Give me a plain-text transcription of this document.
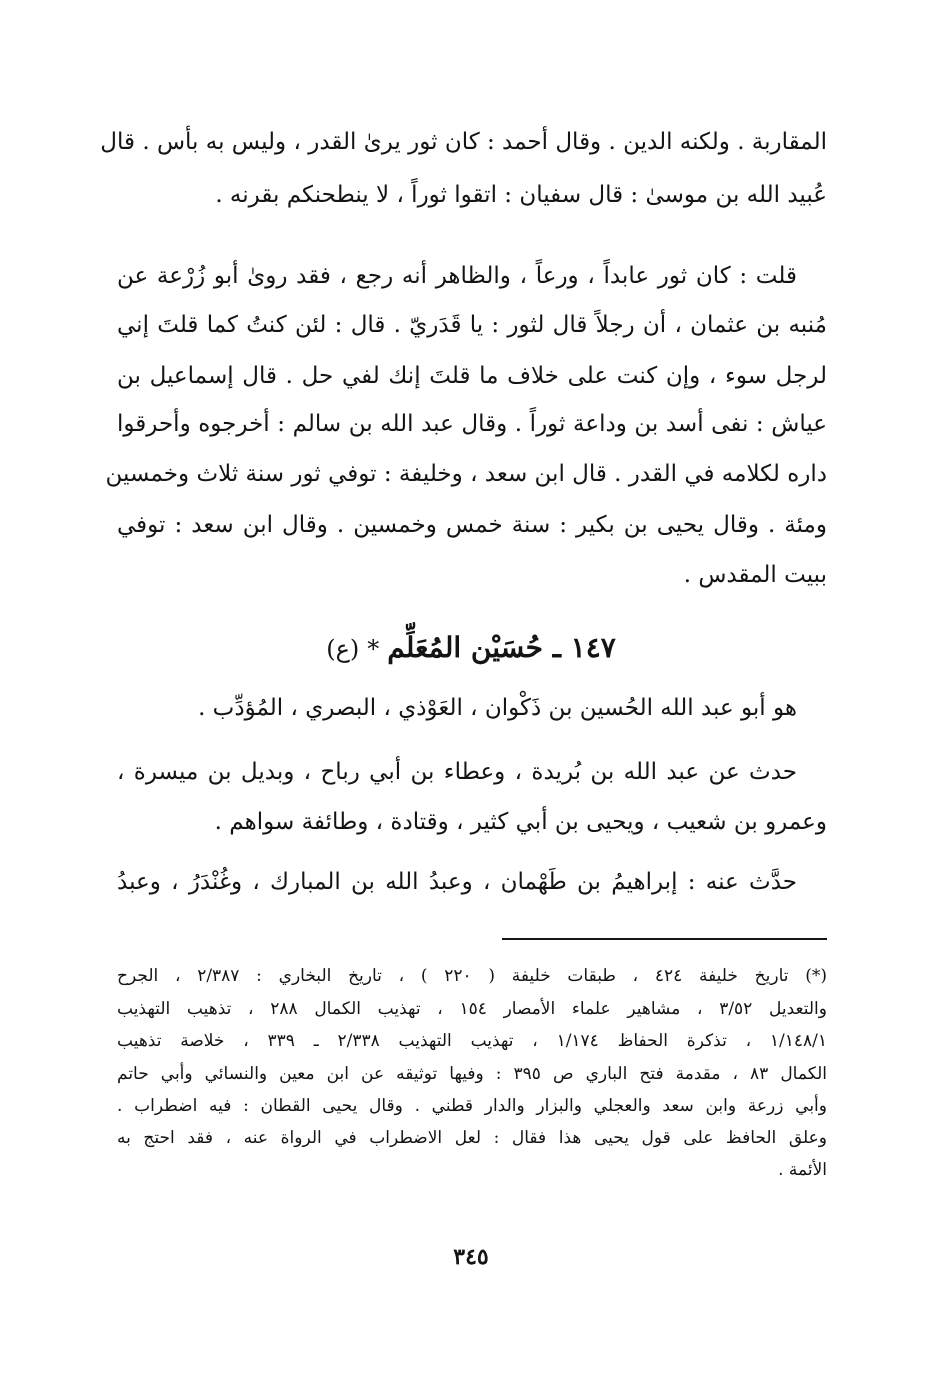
المقاربة . ولكنه الدين . وقال أحمد : كان ثور يرىٰ القدر ، وليس به بأس . قال
عُبيد الله بن موسىٰ : قال سفيان : اتقوا ثوراً ، لا ينطحنكم بقرنه .
قلت : كان ثور عابداً ، ورعاً ، والظاهر أنه رجع ، فقد روىٰ أبو زُرْعة عن
مُنبه بن عثمان ، أن رجلاً قال لثور : يا قَدَريّ . قال : لئن كنتُ كما قلتَ إني
لرجل سوء ، وإن كنت على خلاف ما قلتَ إنك لفي حل . قال إسماعيل بن
عياش : نفى أسد بن وداعة ثوراً . وقال عبد الله بن سالم : أخرجوه وأحرقوا
داره لكلامه في القدر . قال ابن سعد ، وخليفة : توفي ثور سنة ثلاث وخمسين
ومئة . وقال يحيى بن بكير : سنة خمس وخمسين . وقال ابن سعد : توفي
ببيت المقدس .
١٤٧ ـ حُسَيْن المُعَلِّم*(ع)
هو أبو عبد الله الحُسين بن ذَكْوان ، العَوْذي ، البصري ، المُؤدِّب .
حدث عن عبد الله بن بُريدة ، وعطاء بن أبي رباح ، وبديل بن ميسرة ،
وعمرو بن شعيب ، ويحيى بن أبي كثير ، وقتادة ، وطائفة سواهم .
حدَّث عنه : إبراهيمُ بن طَهْمان ، وعبدُ الله بن المبارك ، وغُنْدَرُ ، وعبدُ
(*) تاريخ خليفة ٤٢٤ ، طبقات خليفة ( ٢٢٠ ) ، تاريخ البخاري : ٢/٣٨٧ ، الجرح
والتعديل ٣/٥٢ ، مشاهير علماء الأمصار ١٥٤ ، تهذيب الكمال ٢٨٨ ، تذهيب التهذيب
١/١٤٨/١ ، تذكرة الحفاظ ١/١٧٤ ، تهذيب التهذيب ٢/٣٣٨ ـ ٣٣٩ ، خلاصة تذهيب
الكمال ٨٣ ، مقدمة فتح الباري ص ٣٩٥ : وفيها توثيقه عن ابن معين والنسائي وأبي حاتم
وأبي زرعة وابن سعد والعجلي والبزار والدار قطني . وقال يحيى القطان : فيه اضطراب .
وعلق الحافظ على قول يحيى هذا فقال : لعل الاضطراب في الرواة عنه ، فقد احتج به
الأئمة .
٣٤٥
